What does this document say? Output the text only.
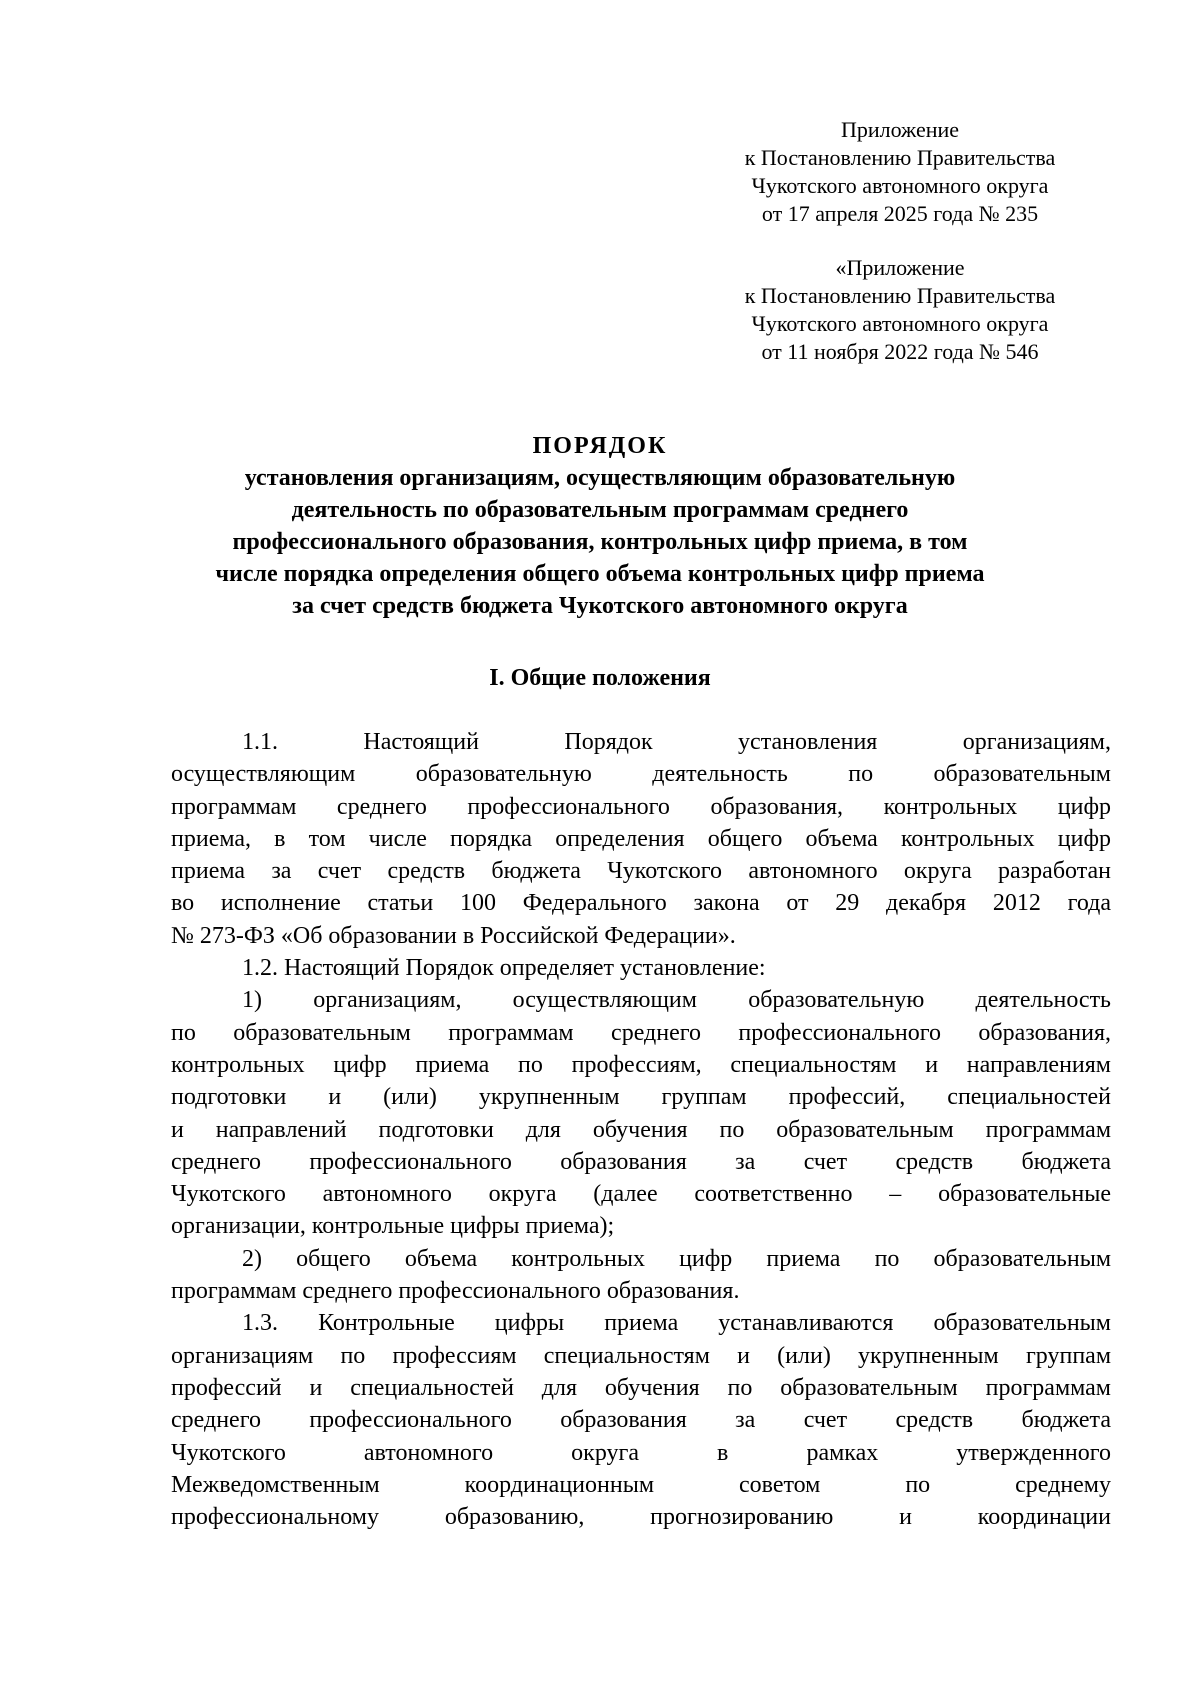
Приложение
к Постановлению Правительства
Чукотского автономного округа
от 17 апреля 2025 года № 235
«Приложение
к Постановлению Правительства
Чукотского автономного округа
от 11 ноября 2022 года № 546
ПОРЯДОК
установления организациям, осуществляющим образовательную
деятельность по образовательным программам среднего
профессионального образования, контрольных цифр приема, в том
числе порядка определения общего объема контрольных цифр приема
за счет средств бюджета Чукотского автономного округа
I. Общие положения
1.1. Настоящий Порядок установления организациям,
осуществляющим образовательную деятельность по образовательным
программам среднего профессионального образования, контрольных цифр
приема, в том числе порядка определения общего объема контрольных цифр
приема за счет средств бюджета Чукотского автономного округа разработан
во исполнение статьи 100 Федерального закона от 29 декабря 2012 года
№ 273-ФЗ «Об образовании в Российской Федерации».
1.2. Настоящий Порядок определяет установление:
1) организациям, осуществляющим образовательную деятельность
по образовательным программам среднего профессионального образования,
контрольных цифр приема по профессиям, специальностям и направлениям
подготовки и (или) укрупненным группам профессий, специальностей
и направлений подготовки для обучения по образовательным программам
среднего профессионального образования за счет средств бюджета
Чукотского автономного округа (далее соответственно – образовательные
организации, контрольные цифры приема);
2) общего объема контрольных цифр приема по образовательным
программам среднего профессионального образования.
1.3. Контрольные цифры приема устанавливаются образовательным
организациям по профессиям специальностям и (или) укрупненным группам
профессий и специальностей для обучения по образовательным программам
среднего профессионального образования за счет средств бюджета
Чукотского автономного округа в рамках утвержденного
Межведомственным координационным советом по среднему
профессиональному образованию, прогнозированию и координации
